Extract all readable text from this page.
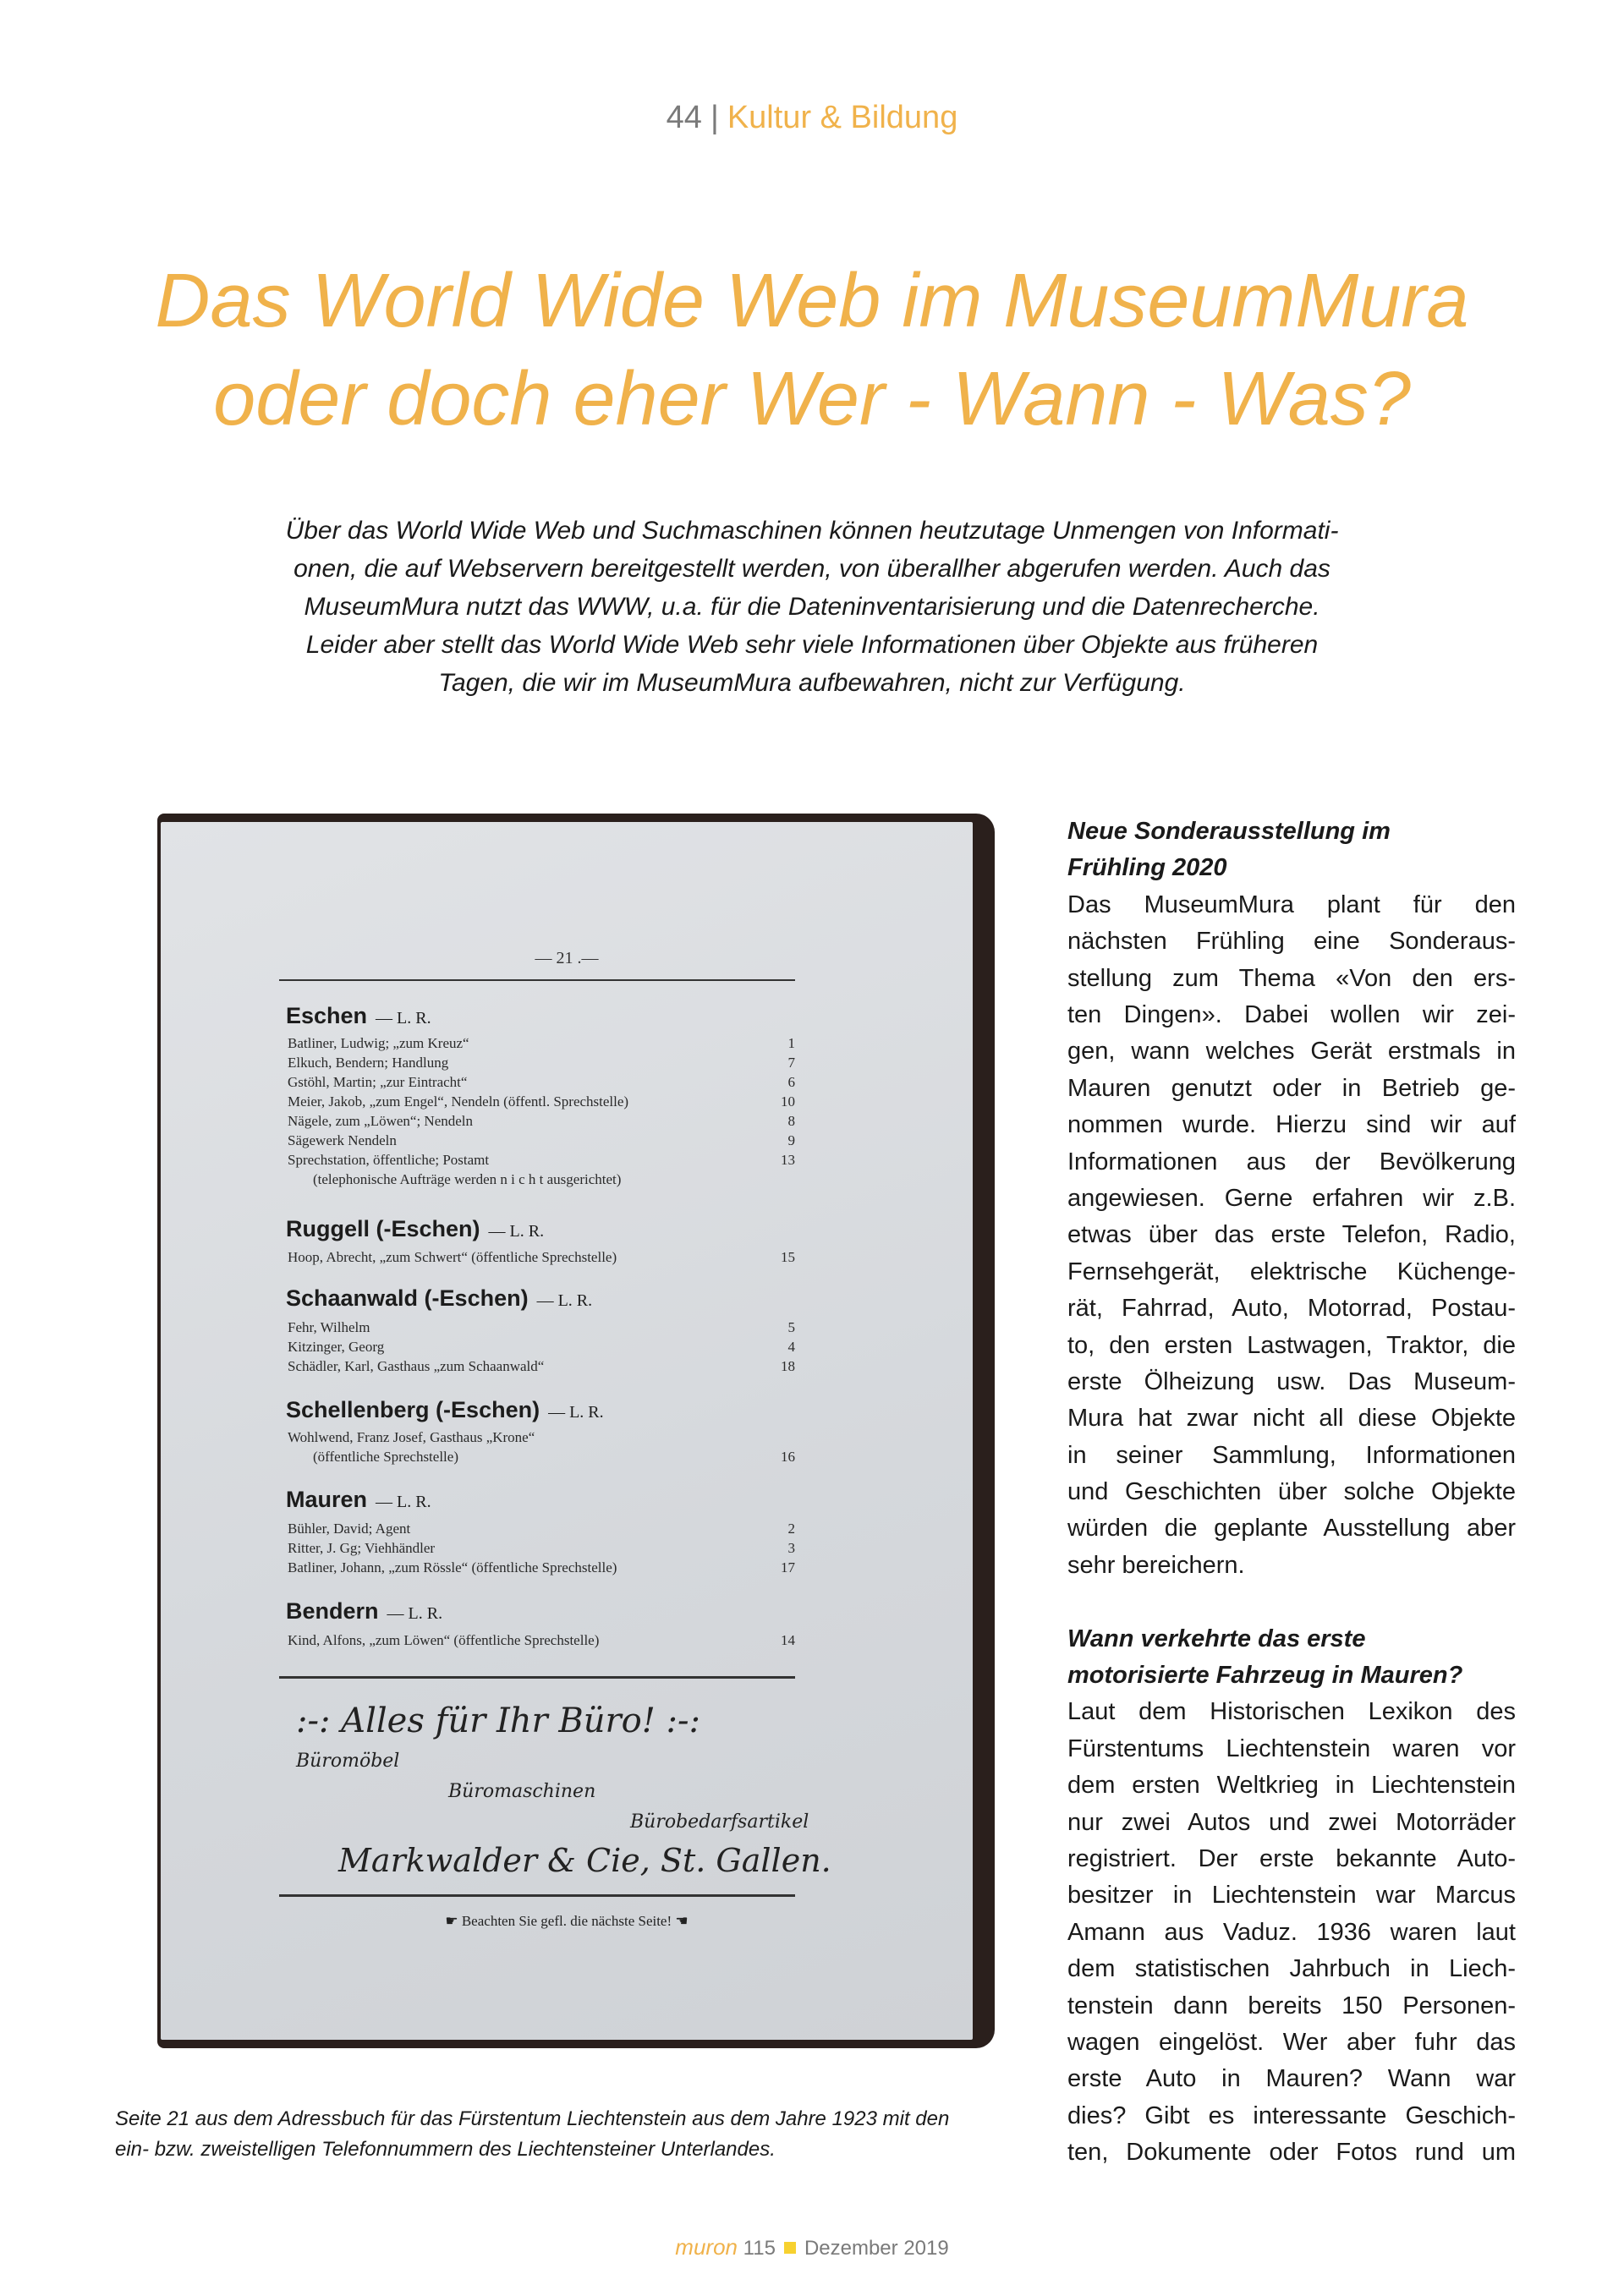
44 | Kultur & Bildung
Das World Wide Web im MuseumMura
oder doch eher Wer - Wann - Was?
Über das World Wide Web und Suchmaschinen können heutzutage Unmengen von Informati-
onen, die auf Webservern bereitgestellt werden, von überallher abgerufen werden. Auch das
MuseumMura nutzt das WWW, u.a. für die Dateninventarisierung und die Datenrecherche.
Leider aber stellt das World Wide Web sehr viele Informationen über Objekte aus früheren
Tagen, die wir im MuseumMura aufbewahren, nicht zur Verfügung.
— 21 .—
Eschen — L. R.
Batliner, Ludwig; „zum Kreuz“	1
Elkuch, Bendern; Handlung	7
Gstöhl, Martin; „zur Eintracht“	6
Meier, Jakob, „zum Engel“, Nendeln (öffentl. Sprechstelle)	10
Nägele, zum „Löwen“; Nendeln	8
Sägewerk Nendeln	9
Sprechstation, öffentliche; Postamt	13
(telephonische Aufträge werden n i c h t ausgerichtet)
Ruggell (-Eschen) — L. R.
Hoop, Abrecht, „zum Schwert“ (öffentliche Sprechstelle)	15
Schaanwald (-Eschen) — L. R.
Fehr, Wilhelm	5
Kitzinger, Georg	4
Schädler, Karl, Gasthaus „zum Schaanwald“	18
Schellenberg (-Eschen) — L. R.
Wohlwend, Franz Josef, Gasthaus „Krone“
(öffentliche Sprechstelle)	16
Mauren — L. R.
Bühler, David; Agent	2
Ritter, J. Gg; Viehhändler	3
Batliner, Johann, „zum Rössle“ (öffentliche Sprechstelle)	17
Bendern — L. R.
Kind, Alfons, „zum Löwen“ (öffentliche Sprechstelle)	14
:-: Alles für Ihr Büro! :-:
Büromöbel
Büromaschinen
Bürobedarfsartikel
Markwalder & Cie, St. Gallen.
☛ Beachten Sie gefl. die nächste Seite! ☚
Seite 21 aus dem Adressbuch für das Fürstentum Liechtenstein aus dem Jahre 1923 mit den
ein- bzw. zweistelligen Telefonnummern des Liechtensteiner Unterlandes.
Neue Sonderausstellung im
Frühling 2020
Das MuseumMura plant für den
nächsten Frühling eine Sonderaus-
stellung zum Thema «Von den ers-
ten Dingen». Dabei wollen wir zei-
gen, wann welches Gerät erstmals in
Mauren genutzt oder in Betrieb ge-
nommen wurde. Hierzu sind wir auf
Informationen aus der Bevölkerung
angewiesen. Gerne erfahren wir z.B.
etwas über das erste Telefon, Radio,
Fernsehgerät, elektrische Küchenge-
rät, Fahrrad, Auto, Motorrad, Postau-
to, den ersten Lastwagen, Traktor, die
erste Ölheizung usw. Das Museum-
Mura hat zwar nicht all diese Objekte
in seiner Sammlung, Informationen
und Geschichten über solche Objekte
würden die geplante Ausstellung aber
sehr bereichern.
Wann verkehrte das erste
motorisierte Fahrzeug in Mauren?
Laut dem Historischen Lexikon des
Fürstentums Liechtenstein waren vor
dem ersten Weltkrieg in Liechtenstein
nur zwei Autos und zwei Motorräder
registriert. Der erste bekannte Auto-
besitzer in Liechtenstein war Marcus
Amann aus Vaduz. 1936 waren laut
dem statistischen Jahrbuch in Liech-
tenstein dann bereits 150 Personen-
wagen eingelöst. Wer aber fuhr das
erste Auto in Mauren? Wann war
dies? Gibt es interessante Geschich-
ten, Dokumente oder Fotos rund um
muron 115 Dezember 2019
